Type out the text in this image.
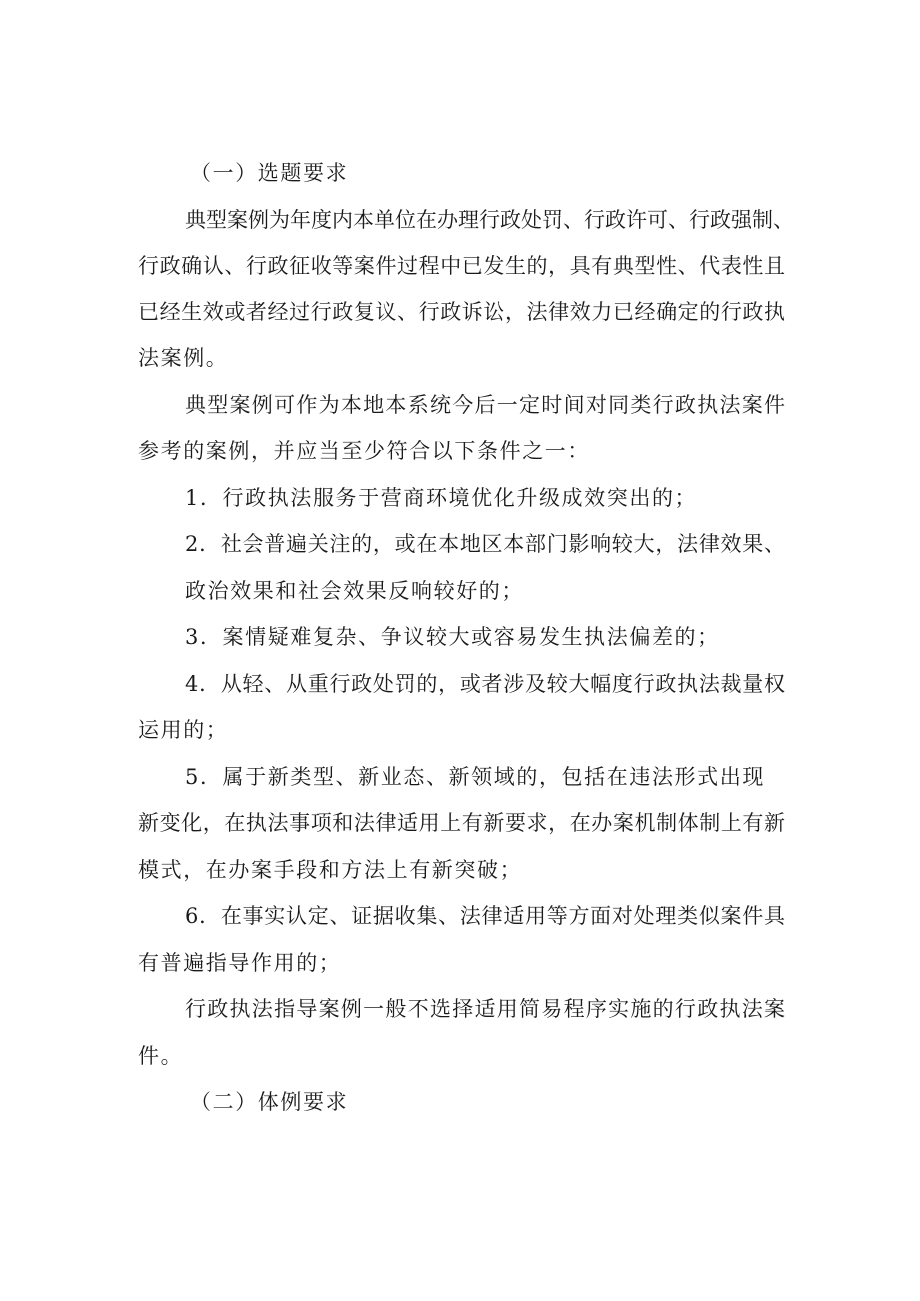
（一）选题要求
典型案例为年度内本单位在办理行政处罚、行政许可、行政强制、
行政确认、行政征收等案件过程中已发生的，具有典型性、代表性且
已经生效或者经过行政复议、行政诉讼，法律效力已经确定的行政执
法案例。
典型案例可作为本地本系统今后一定时间对同类行政执法案件
参考的案例，并应当至少符合以下条件之一：
1．行政执法服务于营商环境优化升级成效突出的；
2．社会普遍关注的，或在本地区本部门影响较大，法律效果、
政治效果和社会效果反响较好的；
3．案情疑难复杂、争议较大或容易发生执法偏差的；
4．从轻、从重行政处罚的，或者涉及较大幅度行政执法裁量权
运用的；
5．属于新类型、新业态、新领域的，包括在违法形式出现
新变化，在执法事项和法律适用上有新要求，在办案机制体制上有新
模式，在办案手段和方法上有新突破；
6．在事实认定、证据收集、法律适用等方面对处理类似案件具
有普遍指导作用的；
行政执法指导案例一般不选择适用简易程序实施的行政执法案
件。
（二）体例要求
